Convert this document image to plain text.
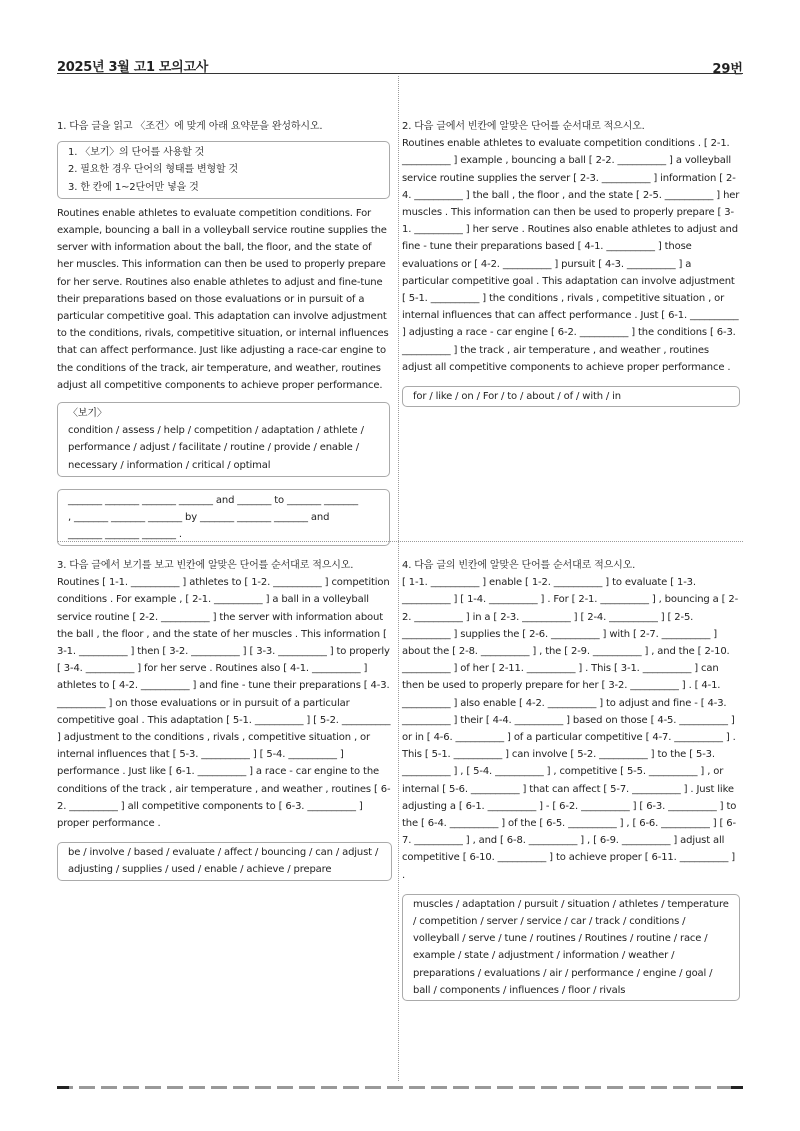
2025년 3월 고1 모의고사	29번

1. 다음 글을 읽고 〈조건〉에 맞게 아래 요약문을 완성하시오.

1. 〈보기〉의 단어를 사용할 것

2. 필요한 경우 단어의 형태를 변형할 것

3. 한 칸에 1~2단어만 넣을 것

Routines enable athletes to evaluate competition conditions. For example, bouncing a ball in a volleyball service routine supplies the server with information about the ball, the floor, and the state of her muscles. This information can then be used to properly prepare for her serve. Routines also enable athletes to adjust and fine-tune their preparations based on those evaluations or in pursuit of a particular competitive goal. This adaptation can involve adjustment to the conditions, rivals, competitive situation, or internal influences that can affect performance. Just like adjusting a race-car engine to the conditions of the track, air temperature, and weather, routines adjust all competitive components to achieve proper performance.

〈보기〉

condition / assess / help / competition / adaptation / athlete / performance / adjust / facilitate / routine / provide / enable / necessary / information / critical / optimal

_______ _______ _______ _______ and _______ to _______ _______

, _______ _______ _______ by _______ _______ _______ and

_______ _______ _______ .

2. 다음 글에서 빈칸에 알맞은 단어를 순서대로 적으시오.

Routines enable athletes to evaluate competition conditions . [ 2-1. __________ ] example , bouncing a ball [ 2-2. __________ ] a volleyball service routine supplies the server [ 2-3. __________ ] information [ 2-4. __________ ] the ball , the floor , and the state [ 2-5. __________ ] her muscles . This information can then be used to properly prepare [ 3-1. __________ ] her serve . Routines also enable athletes to adjust and fine - tune their preparations based [ 4-1. __________ ] those evaluations or [ 4-2. __________ ] pursuit [ 4-3. __________ ] a particular competitive goal . This adaptation can involve adjustment [ 5-1. __________ ] the conditions , rivals , competitive situation , or internal influences that can affect performance . Just [ 6-1. __________ ] adjusting a race - car engine [ 6-2. __________ ] the conditions [ 6-3. __________ ] the track , air temperature , and weather , routines adjust all competitive components to achieve proper performance .

for / like / on / For / to / about / of / with / in

3. 다음 글에서 보기를 보고 빈칸에 알맞은 단어를 순서대로 적으시오.

Routines [ 1-1. __________ ] athletes to [ 1-2. __________ ] competition conditions . For example , [ 2-1. __________ ] a ball in a volleyball service routine [ 2-2. __________ ] the server with information about the ball , the floor , and the state of her muscles . This information [ 3-1. __________ ] then [ 3-2. __________ ] [ 3-3. __________ ] to properly [ 3-4. __________ ] for her serve . Routines also [ 4-1. __________ ] athletes to [ 4-2. __________ ] and fine - tune their preparations [ 4-3. __________ ] on those evaluations or in pursuit of a particular competitive goal . This adaptation [ 5-1. __________ ] [ 5-2. __________ ] adjustment to the conditions , rivals , competitive situation , or internal influences that [ 5-3. __________ ] [ 5-4. __________ ] performance . Just like [ 6-1. __________ ] a race - car engine to the conditions of the track , air temperature , and weather , routines [ 6-2. __________ ] all competitive components to [ 6-3. __________ ] proper performance .

be / involve / based / evaluate / affect / bouncing / can / adjust / adjusting / supplies / used / enable / achieve / prepare

4. 다음 글의 빈칸에 알맞은 단어를 순서대로 적으시오.

[ 1-1. __________ ] enable [ 1-2. __________ ] to evaluate [ 1-3. __________ ] [ 1-4. __________ ] . For [ 2-1. __________ ] , bouncing a [ 2-2. __________ ] in a [ 2-3. __________ ] [ 2-4. __________ ] [ 2-5. __________ ] supplies the [ 2-6. __________ ] with [ 2-7. __________ ] about the [ 2-8. __________ ] , the [ 2-9. __________ ] , and the [ 2-10. __________ ] of her [ 2-11. __________ ] . This [ 3-1. __________ ] can then be used to properly prepare for her [ 3-2. __________ ] . [ 4-1. __________ ] also enable [ 4-2. __________ ] to adjust and fine - [ 4-3. __________ ] their [ 4-4. __________ ] based on those [ 4-5. __________ ] or in [ 4-6. __________ ] of a particular competitive [ 4-7. __________ ] . This [ 5-1. __________ ] can involve [ 5-2. __________ ] to the [ 5-3. __________ ] , [ 5-4. __________ ] , competitive [ 5-5. __________ ] , or internal [ 5-6. __________ ] that can affect [ 5-7. __________ ] . Just like adjusting a [ 6-1. __________ ] - [ 6-2. __________ ] [ 6-3. __________ ] to the [ 6-4. __________ ] of the [ 6-5. __________ ] , [ 6-6. __________ ] [ 6-7. __________ ] , and [ 6-8. __________ ] , [ 6-9. __________ ] adjust all competitive [ 6-10. __________ ] to achieve proper [ 6-11. __________ ] .

muscles / adaptation / pursuit / situation / athletes / temperature / competition / server / service / car / track / conditions / volleyball / serve / tune / routines / Routines / routine / race / example / state / adjustment / information / weather / preparations / evaluations / air / performance / engine / goal / ball / components / influences / floor / rivals
